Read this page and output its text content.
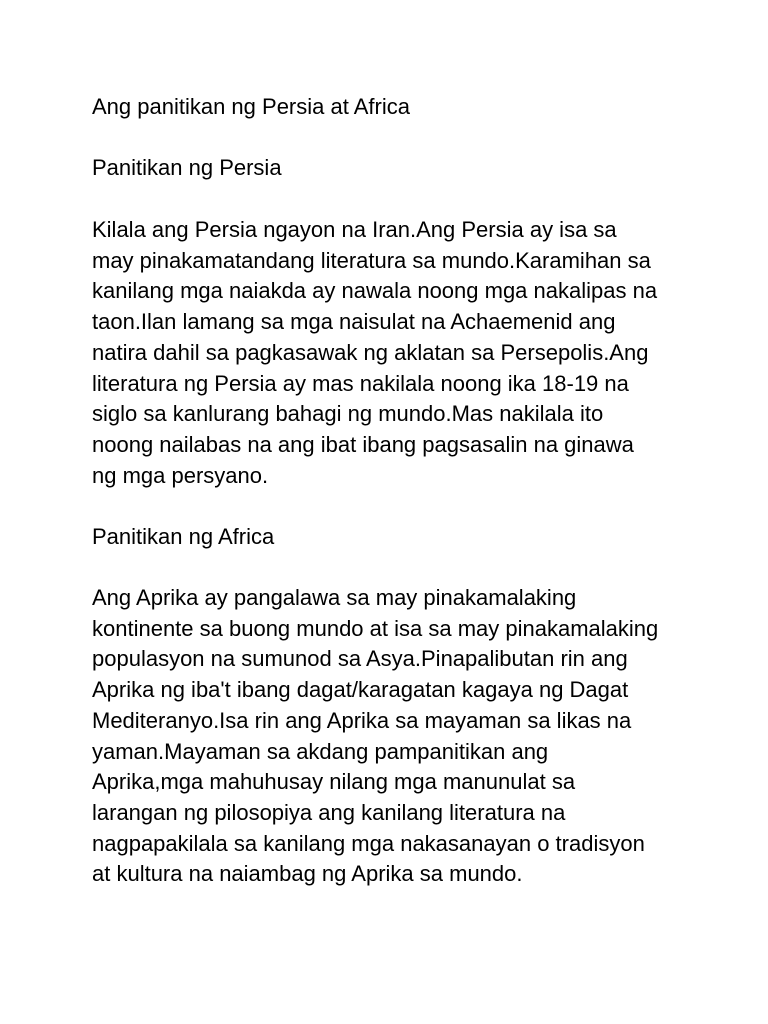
Ang panitikan ng Persia at Africa
Panitikan ng Persia
Kilala ang Persia ngayon na Iran.Ang Persia ay isa sa
may pinakamatandang literatura sa mundo.Karamihan sa
kanilang mga naiakda ay nawala noong mga nakalipas na
taon.Ilan lamang sa mga naisulat na Achaemenid ang
natira dahil sa pagkasawak ng aklatan sa Persepolis.Ang
literatura ng Persia ay mas nakilala noong ika 18-19 na
siglo sa kanlurang bahagi ng mundo.Mas nakilala ito
noong nailabas na ang ibat ibang pagsasalin na ginawa
ng mga persyano.
Panitikan ng Africa
Ang Aprika ay pangalawa sa may pinakamalaking
kontinente sa buong mundo at isa sa may pinakamalaking
populasyon na sumunod sa Asya.Pinapalibutan rin ang
Aprika ng iba't ibang dagat/karagatan kagaya ng Dagat
Mediteranyo.Isa rin ang Aprika sa mayaman sa likas na
yaman.Mayaman sa akdang pampanitikan ang
Aprika,mga mahuhusay nilang mga manunulat sa
larangan ng pilosopiya ang kanilang literatura na
nagpapakilala sa kanilang mga nakasanayan o tradisyon
at kultura na naiambag ng Aprika sa mundo.
